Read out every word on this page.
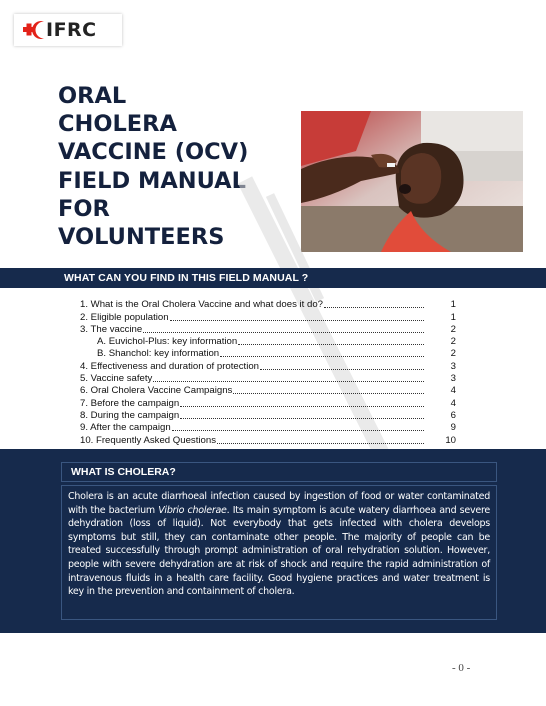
IFRC
ORAL
CHOLERA
VACCINE (OCV)
FIELD MANUAL
FOR
VOLUNTEERS
WHAT CAN YOU FIND IN THIS FIELD MANUAL ?
1. What is the Oral Cholera Vaccine and what does it do?	1
2. Eligible population	1
3. The vaccine	2
A. Euvichol-Plus: key information	2
B. Shanchol: key information	2
4. Effectiveness and duration of protection	3
5. Vaccine safety	3
6. Oral Cholera Vaccine Campaigns	4
7. Before the campaign	4
8. During the campaign	6
9. After the campaign	9
10. Frequently Asked Questions	10
WHAT IS CHOLERA?

Cholera is an acute diarrhoeal infection caused by ingestion of food or water contaminated with the bacterium Vibrio cholerae. Its main symptom is acute watery diarrhoea and severe dehydration (loss of liquid). Not everybody that gets infected with cholera develops symptoms but still, they can contaminate other people. The majority of people can be treated successfully through prompt administration of oral rehydration solution. However, people with severe dehydration are at risk of shock and require the rapid administration of intravenous fluids in a health care facility. Good hygiene practices and water treatment is key in the prevention and containment of cholera.

- 0 -
